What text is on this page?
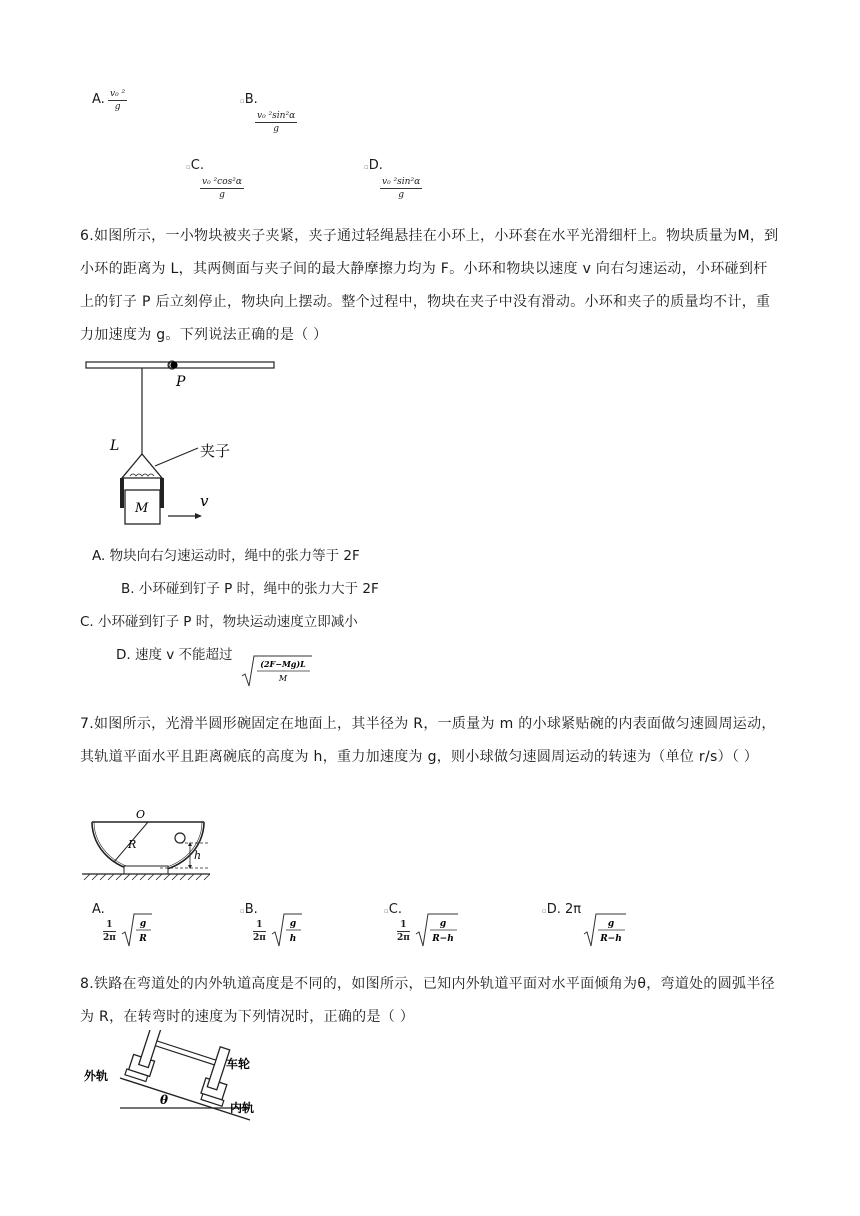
A. $\frac{\text{v₀ ²}}{g}$	▫B.
$\frac{\text{v₀ ²sin²α}}{g}$
▫C.
$\frac{\text{v₀ ²cos²α}}{g}$
▫D.
$\frac{\text{v₀ ²sin²α}}{g}$
6.如图所示，一小物块被夹子夹紧，夹子通过轻绳悬挂在小环上，小环套在水平光滑细杆上。物块质量为M，到小环的距离为 L，其两侧面与夹子间的最大静摩擦力均为 F。小环和物块以速度 v 向右匀速运动，小环碰到杆上的钉子 P 后立刻停止，物块向上摆动。整个过程中，物块在夹子中没有滑动。小环和夹子的质量均不计，重力加速度为 g。下列说法正确的是（ ）
P
L	夹子
M	v
A. 物块向右匀速运动时，绳中的张力等于 2F
B. 小环碰到钉子 P 时，绳中的张力大于 2F
C. 小环碰到钉子 P 时，物块运动速度立即减小
D. 速度 v 不能超过
(2F−Mg)L
M
7.如图所示，光滑半圆形碗固定在地面上，其半径为 R，一质量为 m 的小球紧贴碗的内表面做匀速圆周运动，其轨道平面水平且距离碗底的高度为 h，重力加速度为 g，则小球做匀速圆周运动的转速为（单位 r/s）（ ）
O
R
h
A.
$\frac{1}{2\pi}$	g
R
▫B.
$\frac{1}{2\pi}$	g
h
▫C.
$\frac{1}{2\pi}$	g
R−h
▫D. 2π
g
R−h
8.铁路在弯道处的内外轨道高度是不同的，如图所示，已知内外轨道平面对水平面倾角为θ，弯道处的圆弧半径为 R，在转弯时的速度为下列情况时，正确的是（ ）
外轨
车轮
内轨
θ
